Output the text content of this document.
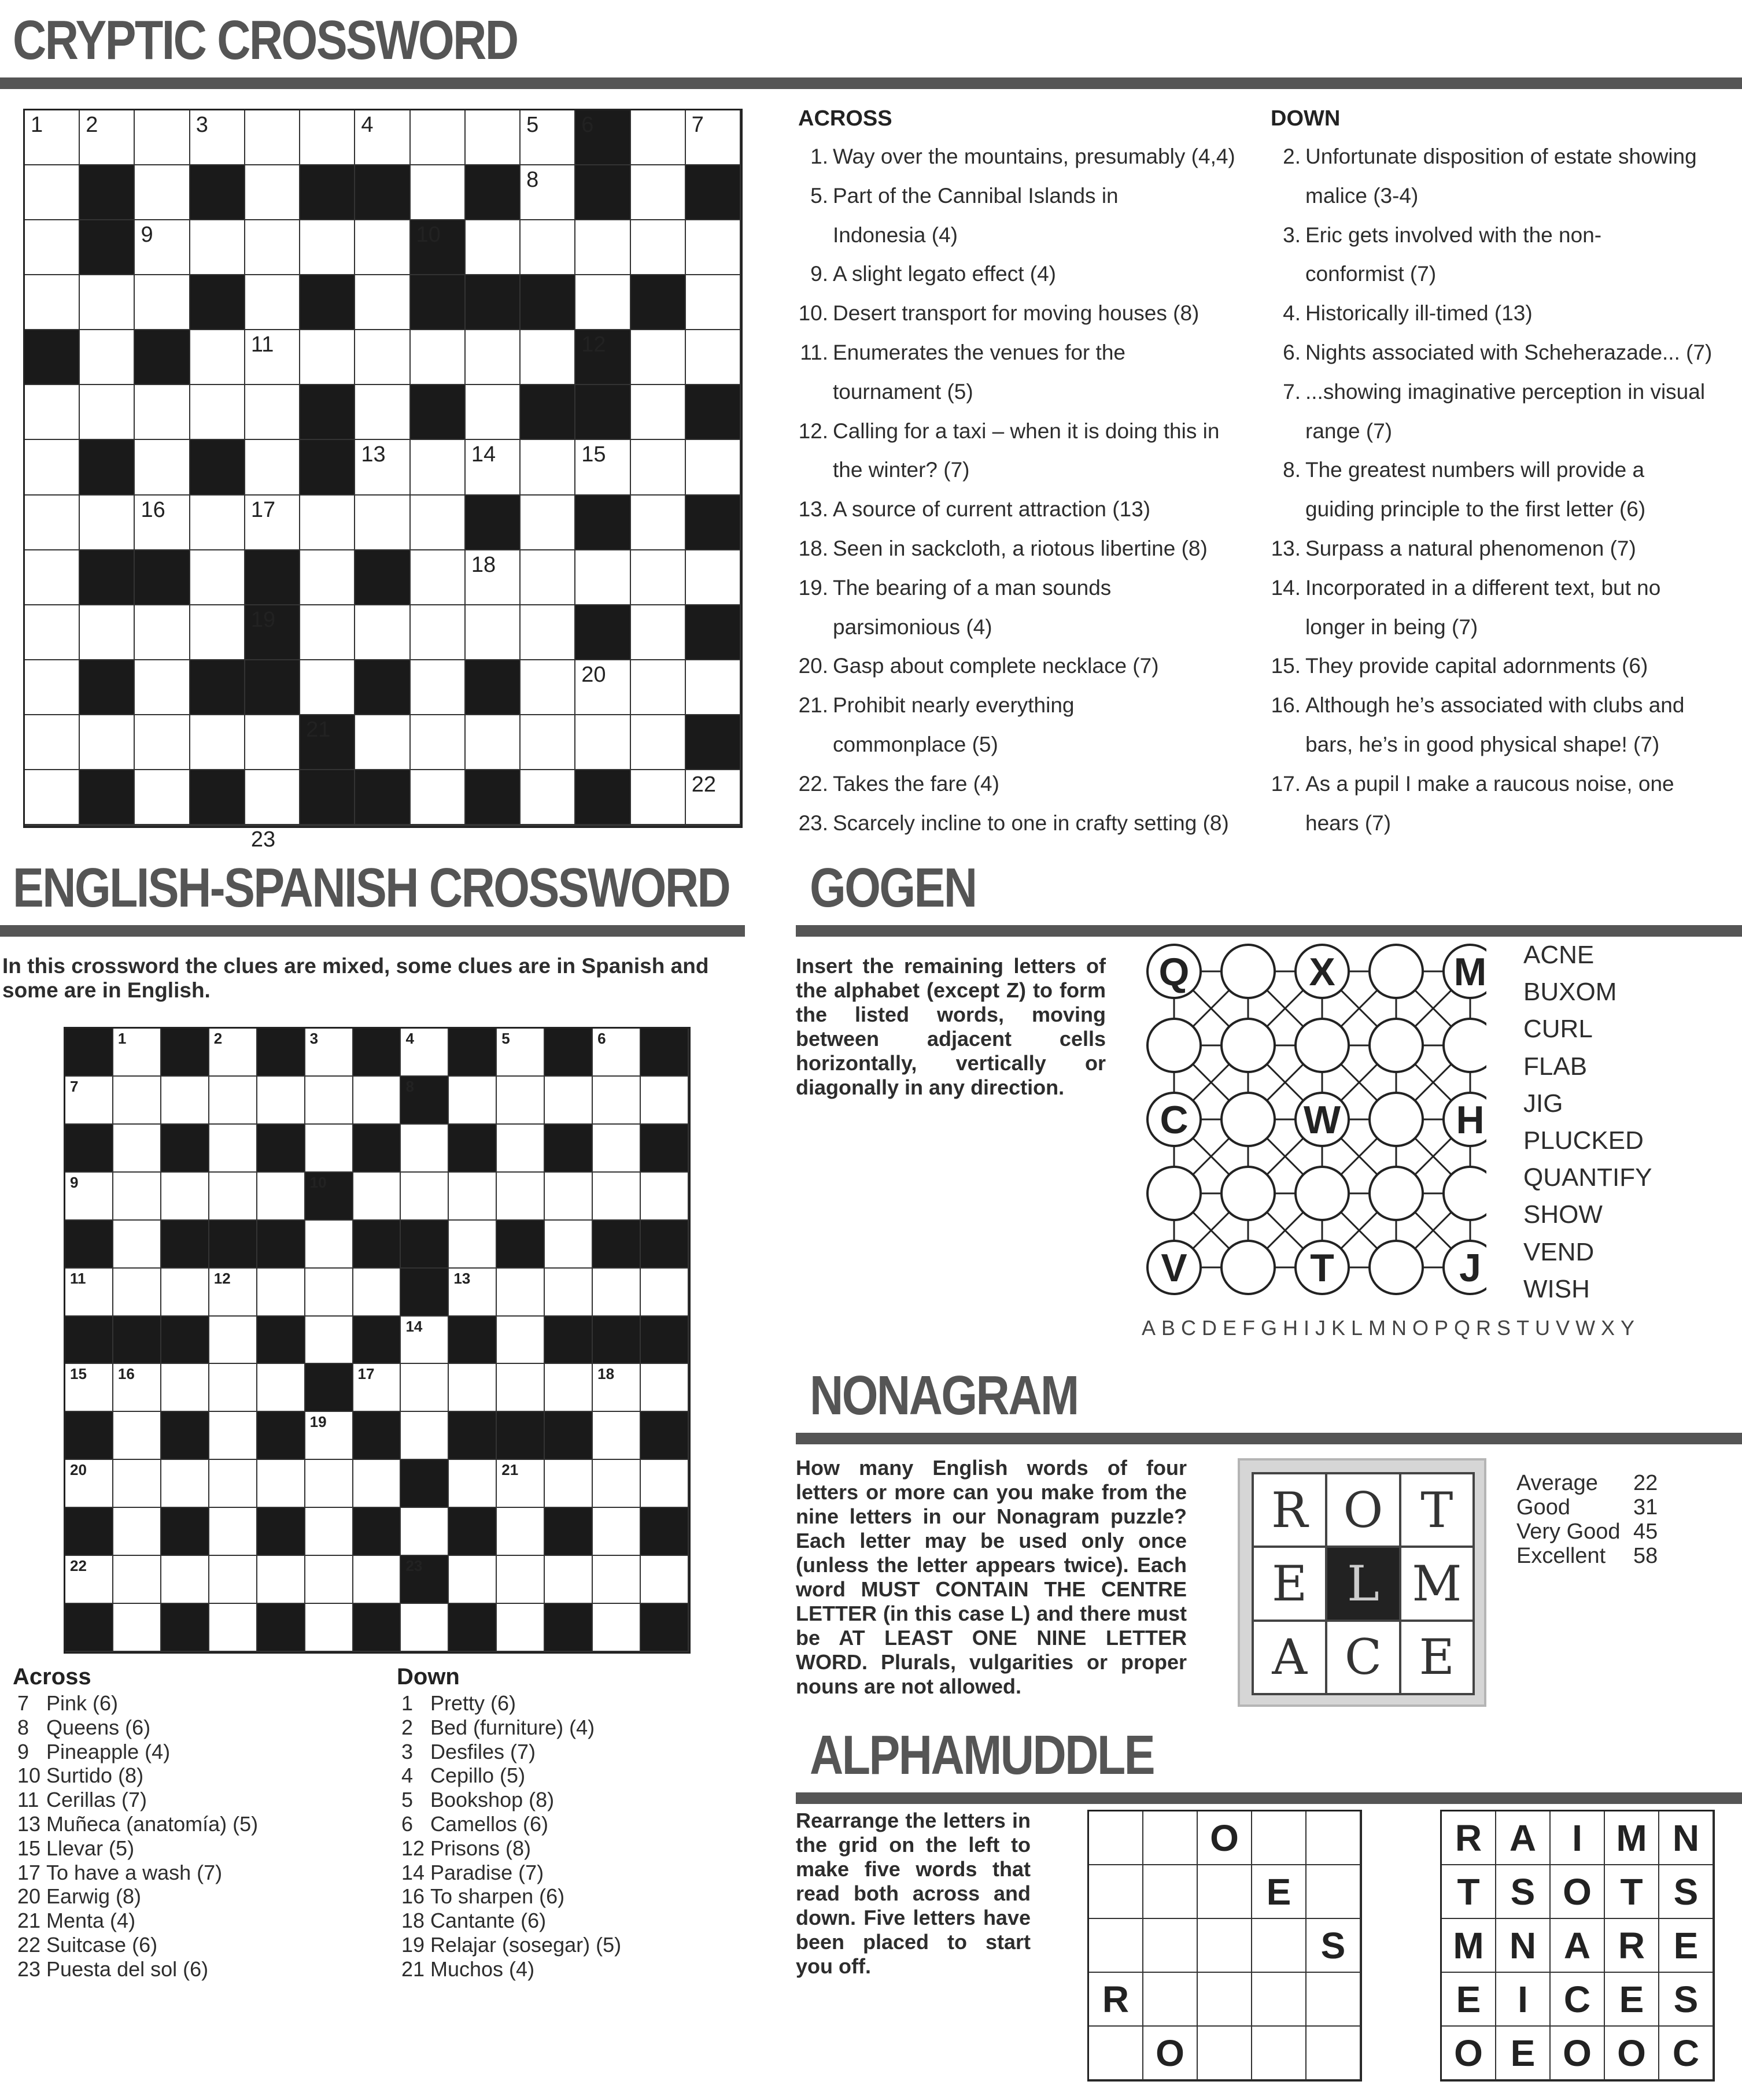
CRYPTIC CROSSWORD
1 2	3	4	5 6	7
8
9	10
11	12
13	14	15
16	17
18
19
20
21
22
23
ACROSS
1. Way over the mountains, presumably (4,4)
5. Part of the Cannibal Islands in
Indonesia (4)
9. A slight legato effect (4)
10. Desert transport for moving houses (8)
11. Enumerates the venues for the
tournament (5)
12. Calling for a taxi – when it is doing this in
the winter? (7)
13. A source of current attraction (13)
18. Seen in sackcloth, a riotous libertine (8)
19. The bearing of a man sounds
parsimonious (4)
20. Gasp about complete necklace (7)
21. Prohibit nearly everything
commonplace (5)
22. Takes the fare (4)
23. Scarcely incline to one in crafty setting (8)
DOWN
2. Unfortunate disposition of estate showing
malice (3-4)
3. Eric gets involved with the non-
conformist (7)
4. Historically ill-timed (13)
6. Nights associated with Scheherazade... (7)
7. ...showing imaginative perception in visual
range (7)
8. The greatest numbers will provide a
guiding principle to the first letter (6)
13. Surpass a natural phenomenon (7)
14. Incorporated in a different text, but no
longer in being (7)
15. They provide capital adornments (6)
16. Although he’s associated with clubs and
bars, he’s in good physical shape! (7)
17. As a pupil I make a raucous noise, one
hears (7)
ENGLISH-SPANISH CROSSWORD
In this crossword the clues are mixed, some clues are in Spanish and some are in English.
1	2	3	4	5	6
7	8
9	10
11	12	13
14
15 16	17	18
19
20	21
22	23
Across
7 Pink (6)
8 Queens (6)
9 Pineapple (4)
10 Surtido (8)
11 Cerillas (7)
13 Muñeca (anatomía) (5)
15 Llevar (5)
17 To have a wash (7)
20 Earwig (8)
21 Menta (4)
22 Suitcase (6)
23 Puesta del sol (6)
Down
1 Pretty (6)
2 Bed (furniture) (4)
3 Desfiles (7)
4 Cepillo (5)
5 Bookshop (8)
6 Camellos (6)
12 Prisons (8)
14 Paradise (7)
16 To sharpen (6)
18 Cantante (6)
19 Relajar (sosegar) (5)
21 Muchos (4)
GOGEN
Insert the remaining letters of the alphabet (except Z) to form the listed words, moving between adjacent cells horizontally, vertically or diagonally in any direction.
Q	X	M
C	W	H
V	T	J
ACNE
BUXOM
CURL
FLAB
JIG
PLUCKED
QUANTIFY
SHOW
VEND
WISH
ABCDEFGHIJKLMNOPQRSTUVWXY
NONAGRAM
How many English words of four letters or more can you make from the nine letters in our Nonagram puzzle? Each letter may be used only once (unless the letter appears twice). Each word MUST CONTAIN THE CENTRE LETTER (in this case L) and there must be AT LEAST ONE NINE LETTER WORD. Plurals, vulgarities or proper nouns are not allowed.
R O T
E L M
A C E
Average	22
Good	31
Very Good 45
Excellent	58
ALPHAMUDDLE
Rearrange the letters in the grid on the left to make five words that read both across and down. Five letters have been placed to start you off.
O
E
S
R
O
R A I M N
T S O T S
M N A R E
E I C E S
O E O O C
